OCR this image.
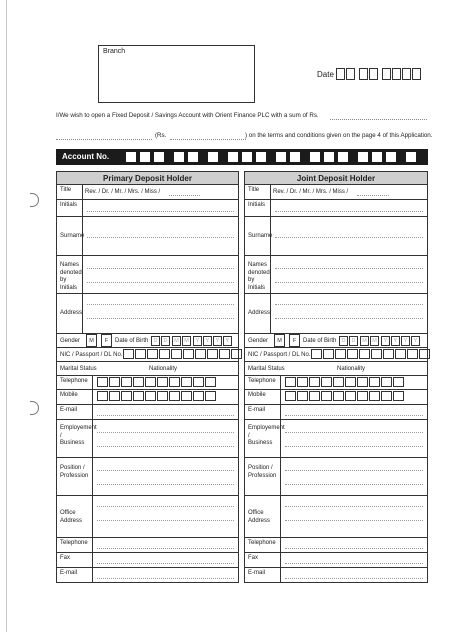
Branch
Date
I/We wish to open a Fixed Deposit / Savings Account with Orient Finance PLC with a sum of Rs.
(Rs.	) on the terms and conditions given on the page 4 of this Application.
Account No.
Primary Deposit Holder
Title	Rev. / Dr. / Mr. / Mrs. / Miss /
Initials
Surname
Names
denoted
by Initials
Address
Gender	M	F	Date of Birth D	D	M M	Y	Y	Y	Y
NIC / Passport / DL No.
Marital Status	Nationality
Telephone
Mobile
E-mail
Employement /
Business
Position /
Profession
Office
Address
Telephone
Fax
E-mail
Joint Deposit Holder
Title	Rev. / Dr. / Mr. / Mrs. / Miss /
Initials
Surname
Names
denoted
by Initials
Address
Gender	M	F	Date of Birth D	D	M M	Y	Y	Y	Y
NIC / Passport / DL No.
Marital Status	Nationality
Telephone
Mobile
E-mail
Employement /
Business
Position /
Profession
Office
Address
Telephone
Fax
E-mail
